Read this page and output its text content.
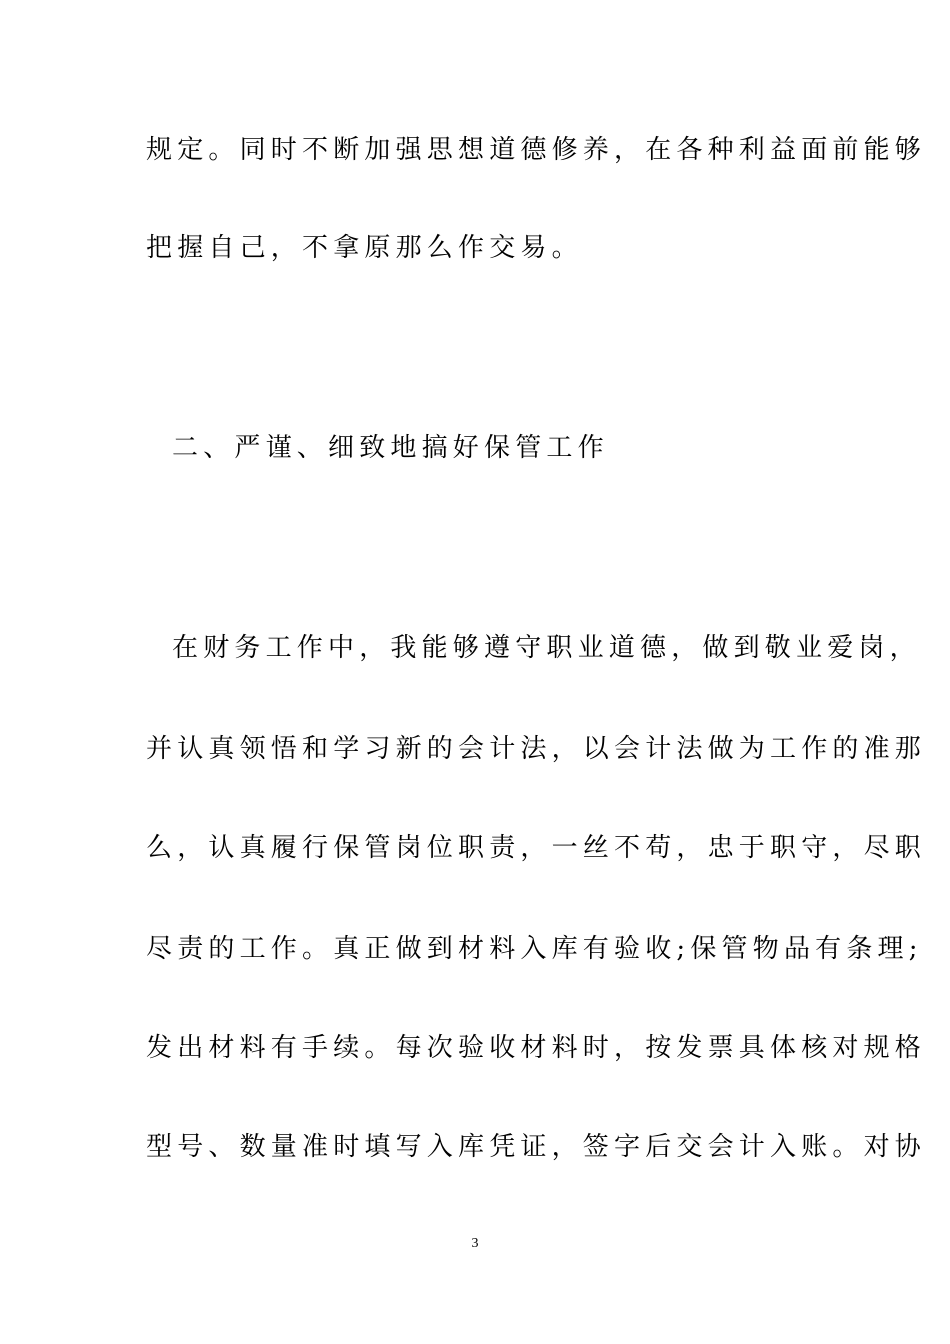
规定。同时不断加强思想道德修养，在各种利益面前能够
把握自己，不拿原那么作交易。
二、严谨、细致地搞好保管工作
在财务工作中，我能够遵守职业道德，做到敬业爱岗，
并认真领悟和学习新的会计法，以会计法做为工作的准那
么，认真履行保管岗位职责，一丝不苟，忠于职守，尽职
尽责的工作。真正做到材料入库有验收;保管物品有条理;
发出材料有手续。每次验收材料时，按发票具体核对规格
型号、数量准时填写入库凭证，签字后交会计入账。对协
3
